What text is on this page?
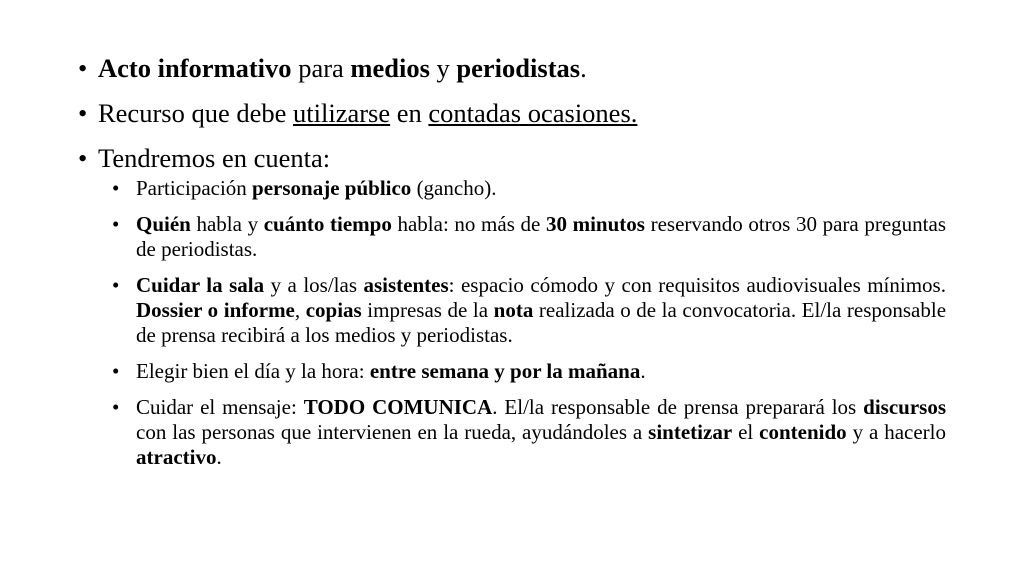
• Acto informativo para medios y periodistas.
• Recurso que debe utilizarse en contadas ocasiones.
• Tendremos en cuenta:
• Participación personaje público (gancho).
• Quién habla y cuánto tiempo habla: no más de 30 minutos reservando otros 30 para preguntas de periodistas.
• Cuidar la sala y a los/las asistentes: espacio cómodo y con requisitos audiovisuales mínimos. Dossier o informe, copias impresas de la nota realizada o de la convocatoria. El/la responsable de prensa recibirá a los medios y periodistas.
• Elegir bien el día y la hora: entre semana y por la mañana.
• Cuidar el mensaje: TODO COMUNICA. El/la responsable de prensa preparará los discursos con las personas que intervienen en la rueda, ayudándoles a sintetizar el contenido y a hacerlo atractivo.
